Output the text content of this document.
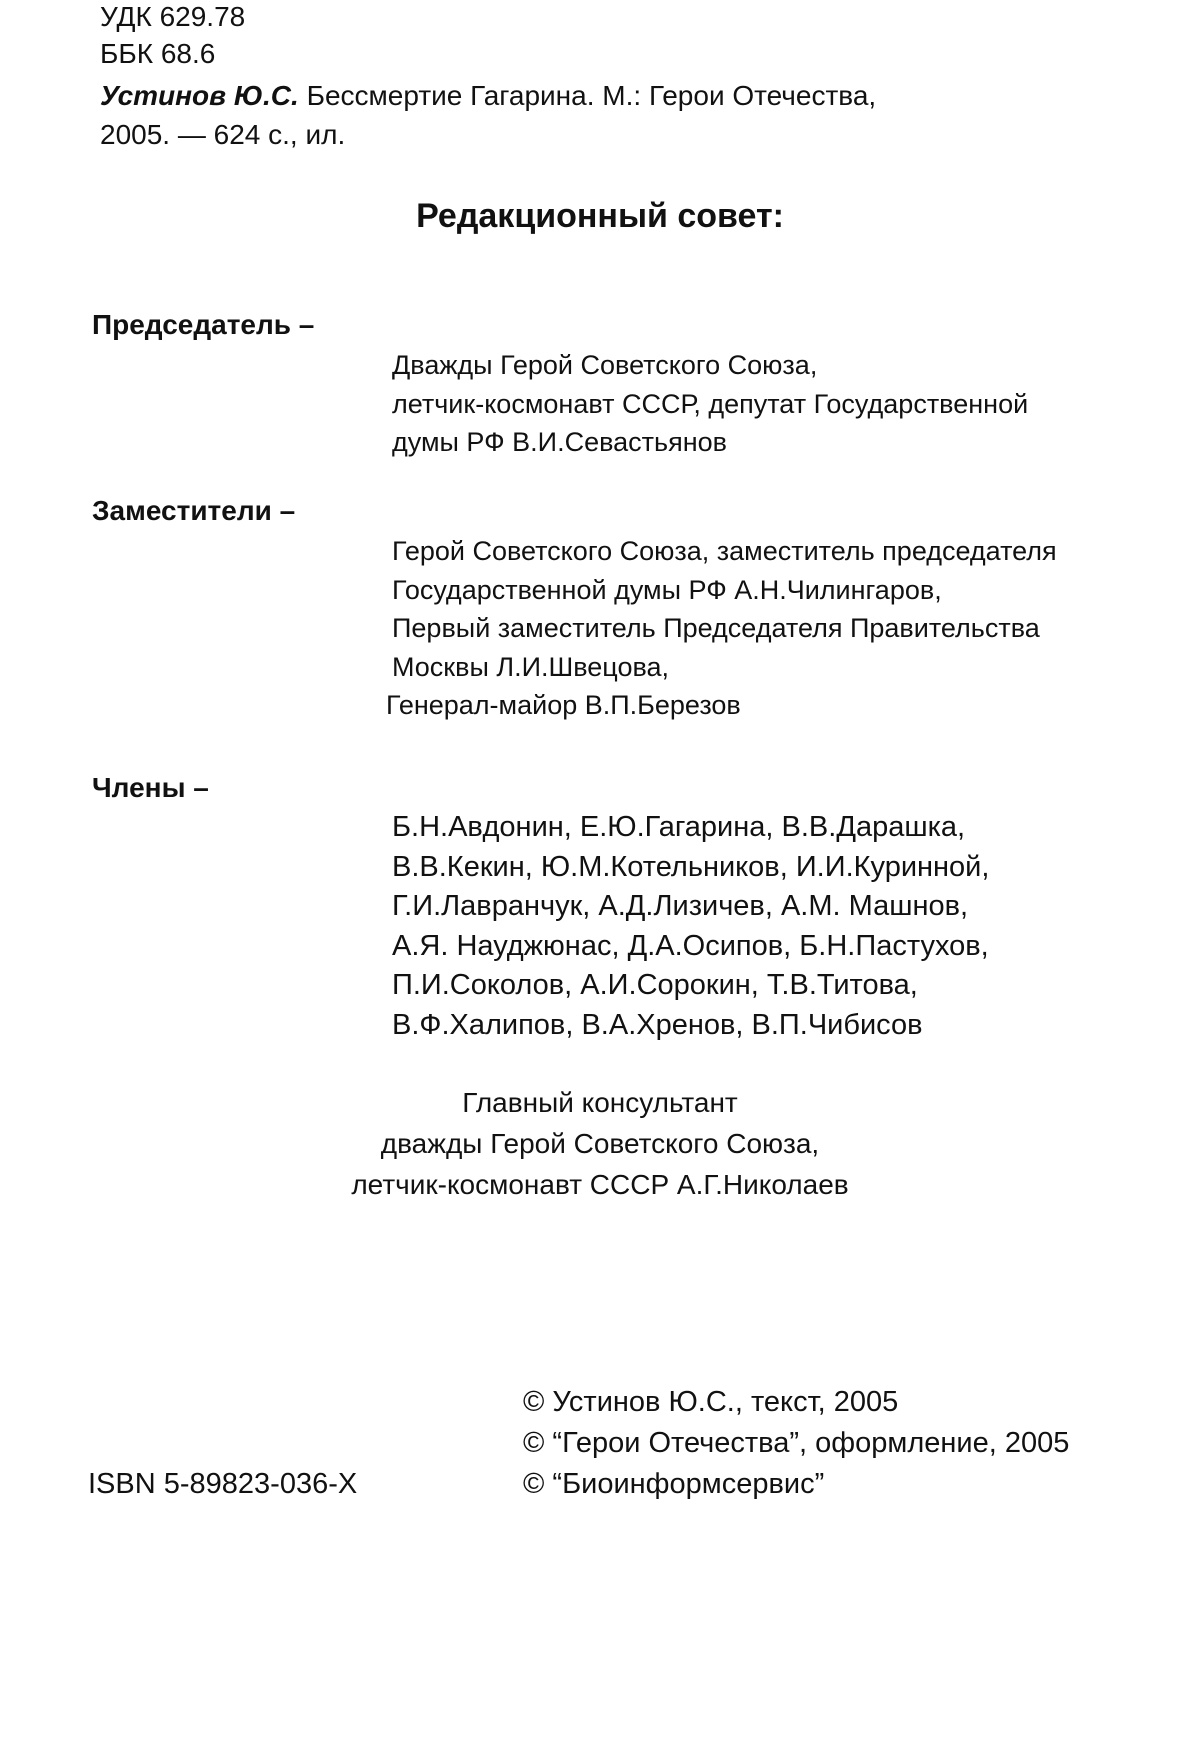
УДК 629.78
ББК 68.6
Устинов Ю.С. Бессмертие Гагарина. М.: Герои Отечества,
2005. — 624 с., ил.
Редакционный совет:
Председатель –
Дважды Герой Советского Союза,
летчик-космонавт СССР, депутат Государственной
думы РФ В.И.Севастьянов
Заместители –
Герой Советского Союза, заместитель председателя
Государственной думы РФ А.Н.Чилингаров,
Первый заместитель Председателя Правительства
Москвы Л.И.Швецова,
Генерал-майор В.П.Березов
Члены –
Б.Н.Авдонин, Е.Ю.Гагарина, В.В.Дарашка,
В.В.Кекин, Ю.М.Котельников, И.И.Куринной,
Г.И.Лавранчук, А.Д.Лизичев, А.М. Машнов,
А.Я. Науджюнас, Д.А.Осипов, Б.Н.Пастухов,
П.И.Соколов, А.И.Сорокин, Т.В.Титова,
В.Ф.Халипов, В.А.Хренов, В.П.Чибисов
Главный консультант
дважды Герой Советского Союза,
летчик-космонавт СССР А.Г.Николаев
© Устинов Ю.С., текст, 2005
© “Герои Отечества”, оформление, 2005
© “Биоинформсервис”
ISBN 5-89823-036-Х
